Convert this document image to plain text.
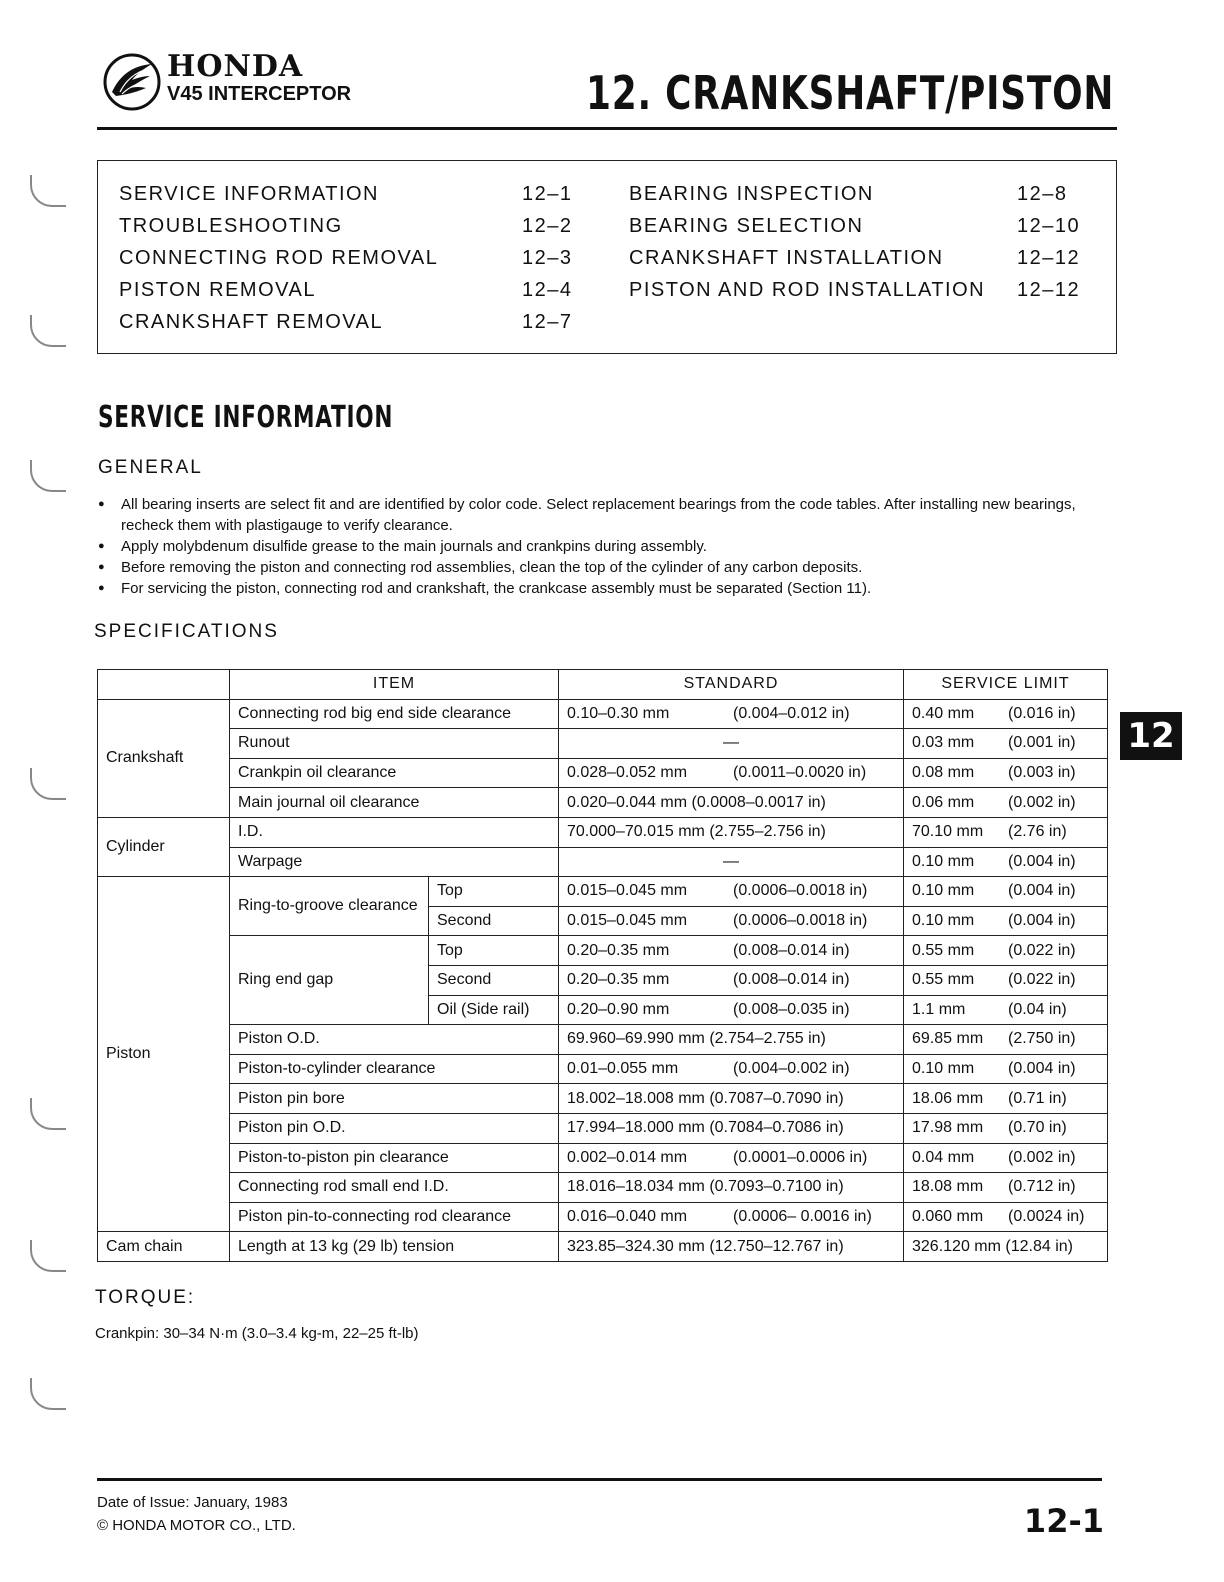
HONDA
V45 INTERCEPTOR	12. CRANKSHAFT/PISTON
SERVICE INFORMATION	12–1
TROUBLESHOOTING	12–2
CONNECTING ROD REMOVAL	12–3
PISTON REMOVAL	12–4
CRANKSHAFT REMOVAL	12–7
BEARING INSPECTION	12–8
BEARING SELECTION	12–10
CRANKSHAFT INSTALLATION	12–12
PISTON AND ROD INSTALLATION 12–12
SERVICE INFORMATION
GENERAL
● All bearing inserts are select fit and are identified by color code. Select replacement bearings from the code tables. After installing new bearings, recheck them with plastigauge to verify clearance.
● Apply molybdenum disulfide grease to the main journals and crankpins during assembly.
● Before removing the piston and connecting rod assemblies, clean the top of the cylinder of any carbon deposits.
● For servicing the piston, connecting rod and crankshaft, the crankcase assembly must be separated (Section 11).
SPECIFICATIONS
	ITEM		STANDARD	SERVICE LIMIT
Crankshaft	Connecting rod big end side clearance		0.10–0.30 mm (0.004–0.012 in)	0.40 mm (0.016 in)
	Runout		—	0.03 mm (0.001 in)
	Crankpin oil clearance		0.028–0.052 mm (0.0011–0.0020 in)	0.08 mm (0.003 in)
	Main journal oil clearance		0.020–0.044 mm (0.0008–0.0017 in)	0.06 mm (0.002 in)
Cylinder	I.D.		70.000–70.015 mm (2.755–2.756 in)	70.10 mm (2.76 in)
	Warpage		—	0.10 mm (0.004 in)
Piston	Ring-to-groove clearance	Top	0.015–0.045 mm (0.0006–0.0018 in)	0.10 mm (0.004 in)
		Second	0.015–0.045 mm (0.0006–0.0018 in)	0.10 mm (0.004 in)
	Ring end gap	Top	0.20–0.35 mm (0.008–0.014 in)	0.55 mm (0.022 in)
		Second	0.20–0.35 mm (0.008–0.014 in)	0.55 mm (0.022 in)
		Oil (Side rail)	0.20–0.90 mm (0.008–0.035 in)	1.1 mm (0.04 in)
	Piston O.D.		69.960–69.990 mm (2.754–2.755 in)	69.85 mm (2.750 in)
	Piston-to-cylinder clearance		0.01–0.055 mm (0.004–0.002 in)	0.10 mm (0.004 in)
	Piston pin bore		18.002–18.008 mm (0.7087–0.7090 in)	18.06 mm (0.71 in)
	Piston pin O.D.		17.994–18.000 mm (0.7084–0.7086 in)	17.98 mm (0.70 in)
	Piston-to-piston pin clearance		0.002–0.014 mm (0.0001–0.0006 in)	0.04 mm (0.002 in)
	Connecting rod small end I.D.		18.016–18.034 mm (0.7093–0.7100 in)	18.08 mm (0.712 in)
	Piston pin-to-connecting rod clearance		0.016–0.040 mm (0.0006– 0.0016 in)	0.060 mm (0.0024 in)
Cam chain	Length at 13 kg (29 lb) tension		323.85–324.30 mm (12.750–12.767 in)	326.120 mm (12.84 in)
12
TORQUE:
Crankpin: 30–34 N·m (3.0–3.4 kg-m, 22–25 ft-lb)
Date of Issue: January, 1983
© HONDA MOTOR CO., LTD.	12-1
